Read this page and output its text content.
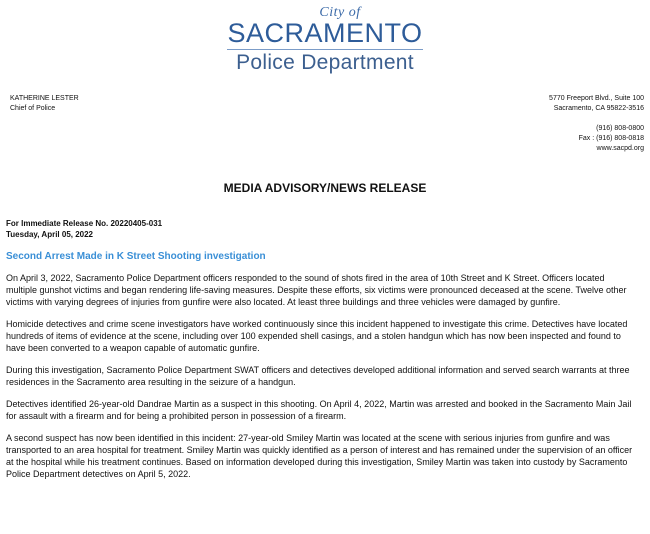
City of
SACRAMENTO
Police Department
KATHERINE LESTER
Chief of Police
5770 Freeport Blvd., Suite 100
Sacramento, CA 95822-3516
(916) 808-0800
Fax : (916) 808-0818
www.sacpd.org
MEDIA ADVISORY/NEWS RELEASE
For Immediate Release No. 20220405-031
Tuesday, April 05, 2022
Second Arrest Made in K Street Shooting investigation

On April 3, 2022, Sacramento Police Department officers responded to the sound of shots fired in the area of 10th Street and K Street. Officers located multiple gunshot victims and began rendering life-saving measures. Despite these efforts, six victims were pronounced deceased at the scene. Twelve other victims with varying degrees of injuries from gunfire were also located. At least three buildings and three vehicles were damaged by gunfire.

Homicide detectives and crime scene investigators have worked continuously since this incident happened to investigate this crime. Detectives have located hundreds of items of evidence at the scene, including over 100 expended shell casings, and a stolen handgun which has now been inspected and found to have been converted to a weapon capable of automatic gunfire.

During this investigation, Sacramento Police Department SWAT officers and detectives developed additional information and served search warrants at three residences in the Sacramento area resulting in the seizure of a handgun.

Detectives identified 26-year-old Dandrae Martin as a suspect in this shooting. On April 4, 2022, Martin was arrested and booked in the Sacramento Main Jail for assault with a firearm and for being a prohibited person in possession of a firearm.

A second suspect has now been identified in this incident: 27-year-old Smiley Martin was located at the scene with serious injuries from gunfire and was transported to an area hospital for treatment. Smiley Martin was quickly identified as a person of interest and has remained under the supervision of an officer at the hospital while his treatment continues. Based on information developed during this investigation, Smiley Martin was taken into custody by Sacramento Police Department detectives on April 5, 2022.
